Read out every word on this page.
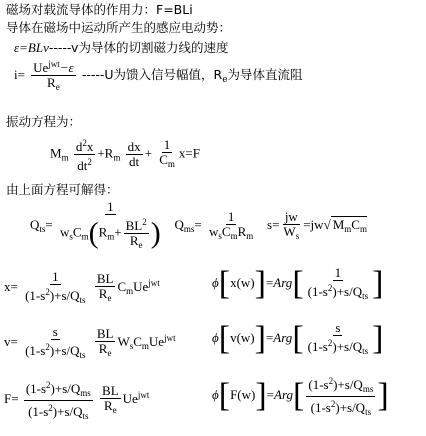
磁场对载流导体的作用力：F=BLi
导体在磁场中运动所产生的感应电动势：
ε=BLv-----v为导体的切割磁力线的速度
$i= \frac{Ue^{jwt}-\varepsilon}{R_e} -----U$为馈入信号幅值，$R_e$为导体直流阻
振动方程为：
$M_m \frac{d^2x}{dt^2} +R_m \frac{dx}{dt} + \frac{1}{C_m} x=F$
由上面方程可解得：
$Q_{ts}= \frac{1}{w_sC_m(R_m+ \frac{BL^2}{R_e} )} Q_{ms}= \frac{1}{w_sC_mR_m} s= \frac{jw}{W_s} =jw√$ $M_mC_m$
$x= \frac{1}{(1-s^2)+s/Q_{ts}}$
$\frac{BL}{R_e} C_mUe^{jwt}$	$\phi[x(w)]=Arg[ \frac{1}{(1-s^2)+s/Q_{ts}}$ ]
$v= \frac{s}{(1-s^2)+s/Q_{ts}}$
$\frac{BL}{R_e} W_sC_mUe^{jwt}$	$\phi[v(w)]=Arg[ \frac{s}{(1-s^2)+s/Q_{ts}}$ ]
$F= \frac{(1-s^2)+s/Q_{ms}}{(1-s^2)+s/Q_{ts}}$
$\frac{BL}{R_e} Ue^{jwt}$	$\phi[F(w)]=Arg[ \frac{(1-s^2)+s/Q_{ms}}{(1-s^2)+s/Q_{ts}}$ ]
